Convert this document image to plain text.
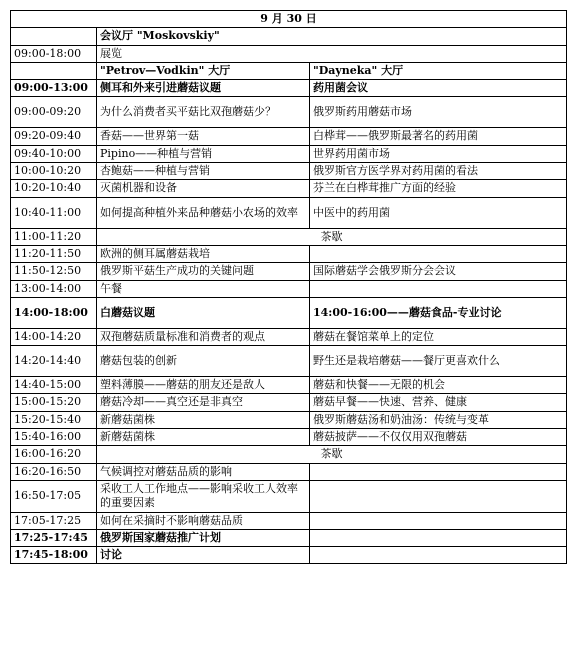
9 月 30 日		
	会议厅 "Moskovskiy"	
09:00-18:00	展览	
	"Petrov—Vodkin" 大厅	"Dayneka" 大厅
09:00-13:00	侧耳和外来引进蘑菇议题	药用菌会议
09:00-09:20	为什么消费者买平菇比双孢蘑菇少？	俄罗斯药用蘑菇市场
09:20-09:40	香菇——世界第一菇	白桦茸——俄罗斯最著名的药用菌
09:40-10:00	Pipino——种植与营销	世界药用菌市场
10:00-10:20	杏鲍菇——种植与营销	俄罗斯官方医学界对药用菌的看法
10:20-10:40	灭菌机器和设备	芬兰在白桦茸推广方面的经验
10:40-11:00	如何提高种植外来品种蘑菇小农场的效率	中医中的药用菌
11:00-11:20	茶歇	
11:20-11:50	欧洲的侧耳属蘑菇栽培	
11:50-12:50	俄罗斯平菇生产成功的关键问题	国际蘑菇学会俄罗斯分会会议
13:00-14:00	午餐	
14:00-18:00	白蘑菇议题	14:00-16:00——蘑菇食品-专业讨论
14:00-14:20	双孢蘑菇质量标准和消费者的观点	蘑菇在餐馆菜单上的定位
14:20-14:40	蘑菇包装的创新	野生还是栽培蘑菇——餐厅更喜欢什么
14:40-15:00	塑料薄膜——蘑菇的朋友还是敌人	蘑菇和快餐——无限的机会
15:00-15:20	蘑菇冷却——真空还是非真空	蘑菇早餐——快速、营养、健康
15:20-15:40	新蘑菇菌株	俄罗斯蘑菇汤和奶油汤：传统与变革
15:40-16:00	新蘑菇菌株	蘑菇披萨——不仅仅用双孢蘑菇
16:00-16:20	茶歇	
16:20-16:50	气候调控对蘑菇品质的影响	
16:50-17:05	采收工人工作地点——影响采收工人效率的重要因素	
17:05-17:25	如何在采摘时不影响蘑菇品质	
17:25-17:45	俄罗斯国家蘑菇推广计划	
17:45-18:00	讨论	
